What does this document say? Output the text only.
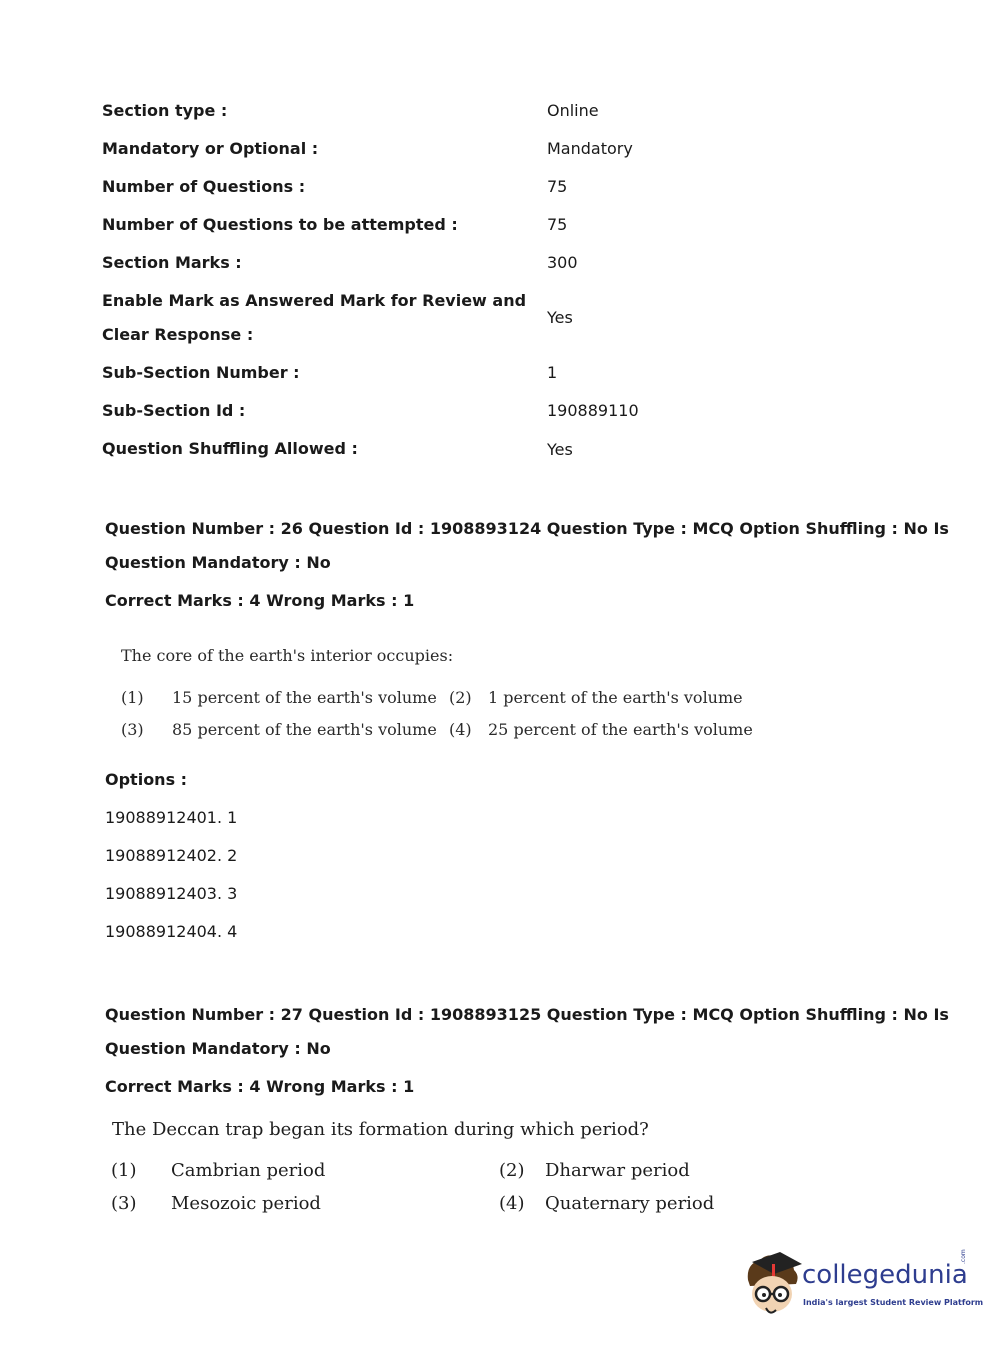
Section type :	Online
Mandatory or Optional :	Mandatory
Number of Questions :	75
Number of Questions to be attempted :	75
Section Marks :	300
Enable Mark as Answered Mark for Review and
Clear Response :
Yes
Sub-Section Number :	1
Sub-Section Id :	190889110
Question Shuffling Allowed :	Yes
Question Number : 26 Question Id : 1908893124 Question Type : MCQ Option Shuffling : No Is
Question Mandatory : No
Correct Marks : 4 Wrong Marks : 1
The core of the earth's interior occupies:
(1) 15 percent of the earth's volume (2) 1 percent of the earth's volume
(3) 85 percent of the earth's volume (4) 25 percent of the earth's volume
Options :
19088912401. 1
19088912402. 2
19088912403. 3
19088912404. 4
Question Number : 27 Question Id : 1908893125 Question Type : MCQ Option Shuffling : No Is
Question Mandatory : No
Correct Marks : 4 Wrong Marks : 1
The Deccan trap began its formation during which period?
(1) Cambrian period	(2) Dharwar period
(3) Mesozoic period	(4) Quaternary period
collegedunia
.com
India's largest Student Review Platform
